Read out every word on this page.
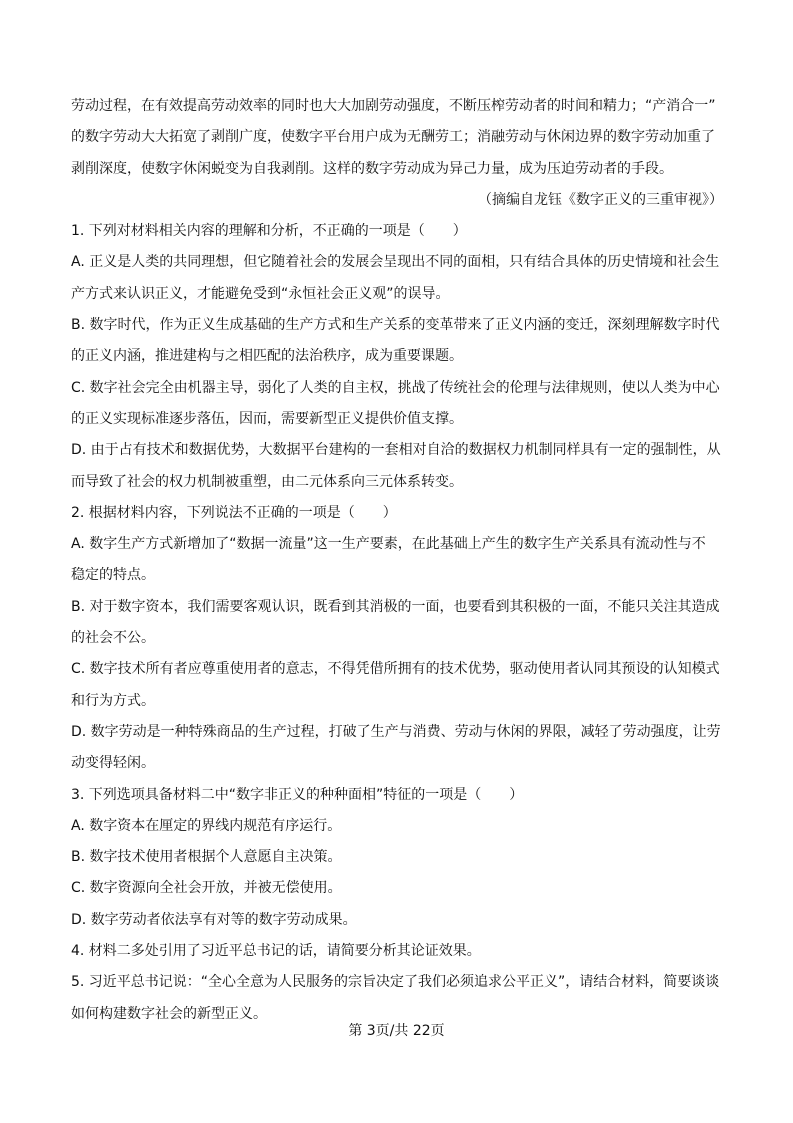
劳动过程，在有效提高劳动效率的同时也大大加剧劳动强度，不断压榨劳动者的时间和精力；“产消合一”
的数字劳动大大拓宽了剥削广度，使数字平台用户成为无酬劳工；消融劳动与休闲边界的数字劳动加重了
剥削深度，使数字休闲蜕变为自我剥削。这样的数字劳动成为异己力量，成为压迫劳动者的手段。
（摘编自龙钰《数字正义的三重审视》）
1. 下列对材料相关内容的理解和分析，不正确的一项是（　　）
A. 正义是人类的共同理想，但它随着社会的发展会呈现出不同的面相，只有结合具体的历史情境和社会生
产方式来认识正义，才能避免受到“永恒社会正义观”的误导。
B. 数字时代，作为正义生成基础的生产方式和生产关系的变革带来了正义内涵的变迁，深刻理解数字时代
的正义内涵，推进建构与之相匹配的法治秩序，成为重要课题。
C. 数字社会完全由机器主导，弱化了人类的自主权，挑战了传统社会的伦理与法律规则，使以人类为中心
的正义实现标准逐步落伍，因而，需要新型正义提供价值支撑。
D. 由于占有技术和数据优势，大数据平台建构的一套相对自洽的数据权力机制同样具有一定的强制性，从
而导致了社会的权力机制被重塑，由二元体系向三元体系转变。
2. 根据材料内容，下列说法不正确的一项是（　　）
A. 数字生产方式新增加了“数据一流量”这一生产要素，在此基础上产生的数字生产关系具有流动性与不
稳定的特点。
B. 对于数字资本，我们需要客观认识，既看到其消极的一面，也要看到其积极的一面，不能只关注其造成
的社会不公。
C. 数字技术所有者应尊重使用者的意志，不得凭借所拥有的技术优势，驱动使用者认同其预设的认知模式
和行为方式。
D. 数字劳动是一种特殊商品的生产过程，打破了生产与消费、劳动与休闲的界限，减轻了劳动强度，让劳
动变得轻闲。
3. 下列选项具备材料二中“数字非正义的种种面相”特征的一项是（　　）
A. 数字资本在厘定的界线内规范有序运行。
B. 数字技术使用者根据个人意愿自主决策。
C. 数字资源向全社会开放，并被无偿使用。
D. 数字劳动者依法享有对等的数字劳动成果。
4. 材料二多处引用了习近平总书记的话，请简要分析其论证效果。
5. 习近平总书记说：“全心全意为人民服务的宗旨决定了我们必须追求公平正义”，请结合材料，简要谈谈
如何构建数字社会的新型正义。
第 3页/共 22页
